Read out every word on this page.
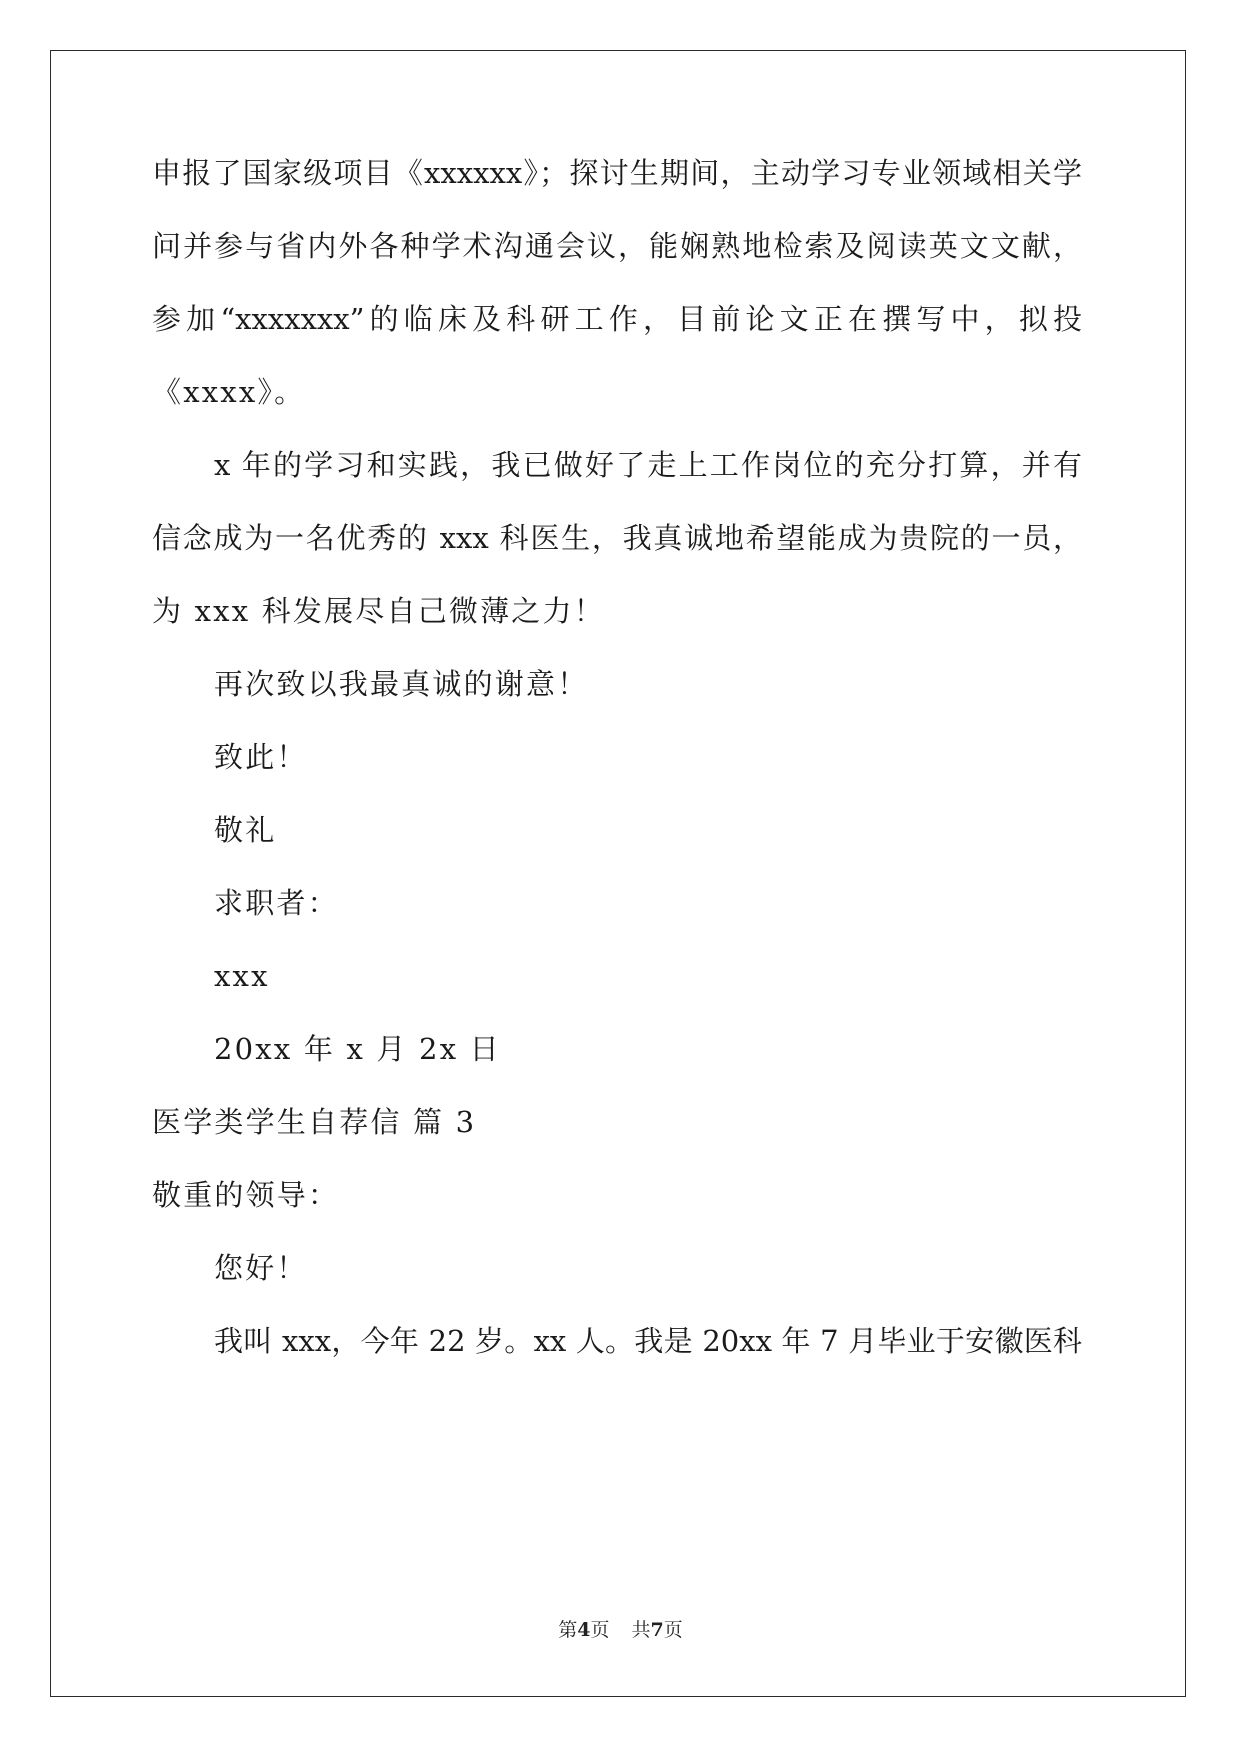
申报了国家级项目《xxxxxx》；探讨生期间，主动学习专业领域相关学
问并参与省内外各种学术沟通会议，能娴熟地检索及阅读英文文献，
参加“xxxxxxx”的临床及科研工作，目前论文正在撰写中，拟投
《xxxx》。
x 年的学习和实践，我已做好了走上工作岗位的充分打算，并有
信念成为一名优秀的 xxx 科医生，我真诚地希望能成为贵院的一员，
为 xxx 科发展尽自己微薄之力！
再次致以我最真诚的谢意！
致此！
敬礼
求职者：
xxx
20xx 年 x 月 2x 日
医学类学生自荐信 篇 3
敬重的领导：
您好！
我叫 xxx，今年 22 岁。xx 人。我是 20xx 年 7 月毕业于安徽医科
第4页 共7页
